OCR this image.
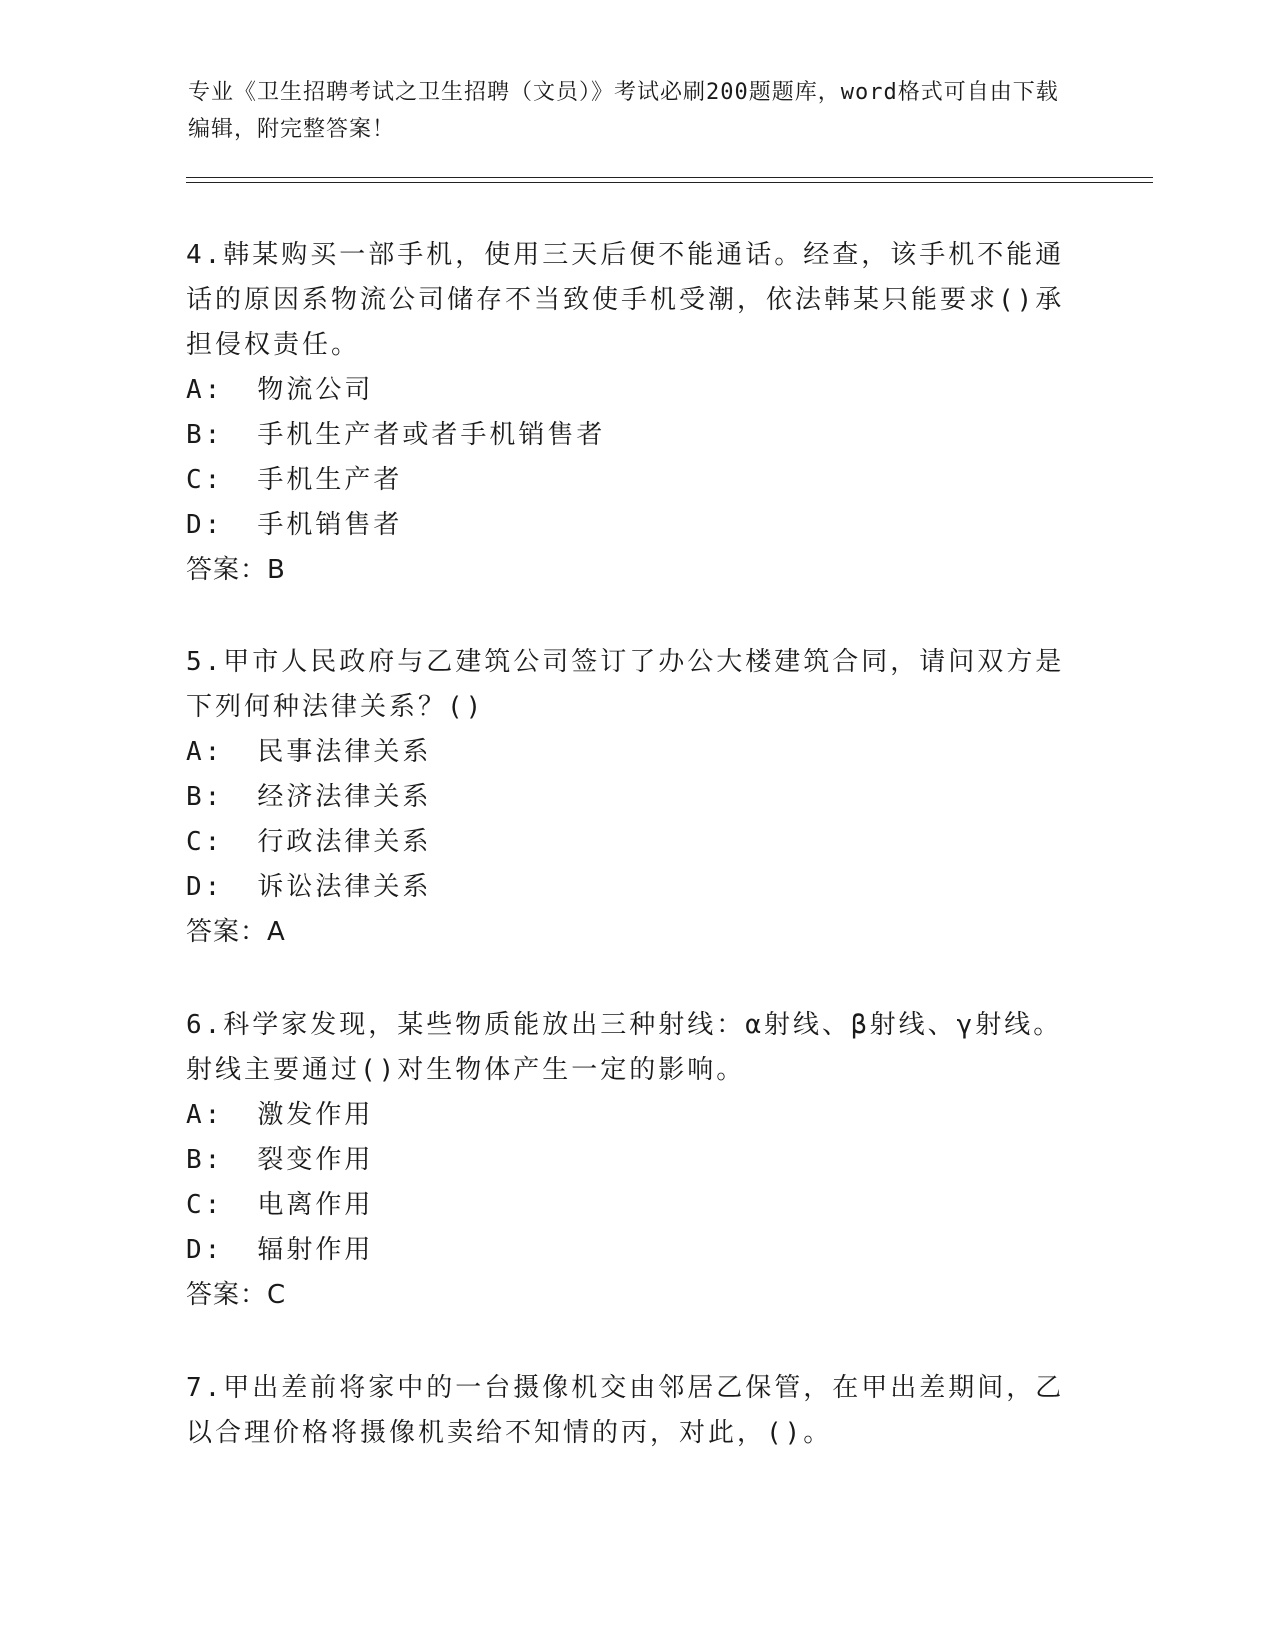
专业《卫生招聘考试之卫生招聘（文员）》考试必刷200题题库，word格式可自由下载编辑，附完整答案！

4.韩某购买一部手机，使用三天后便不能通话。经查，该手机不能通话的原因系物流公司储存不当致使手机受潮，依法韩某只能要求()承担侵权责任。

A: 物流公司

B: 手机生产者或者手机销售者

C: 手机生产者

D: 手机销售者

答案：B

5.甲市人民政府与乙建筑公司签订了办公大楼建筑合同，请问双方是下列何种法律关系？()

A: 民事法律关系

B: 经济法律关系

C: 行政法律关系

D: 诉讼法律关系

答案：A

6.科学家发现，某些物质能放出三种射线：α射线、β射线、γ射线。射线主要通过()对生物体产生一定的影响。

A: 激发作用

B: 裂变作用

C: 电离作用

D: 辐射作用

答案：C

7.甲出差前将家中的一台摄像机交由邻居乙保管，在甲出差期间，乙以合理价格将摄像机卖给不知情的丙，对此，()。
